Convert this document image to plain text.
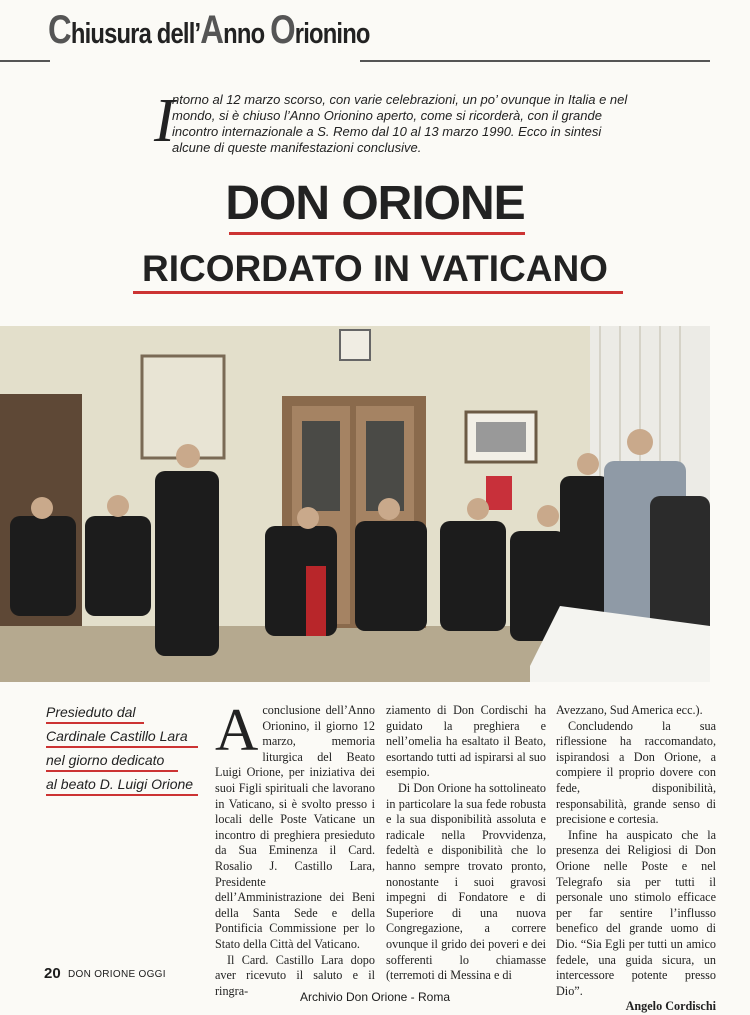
Chiusura dell’Anno Orionino
I
ntorno al 12 marzo scorso, con varie celebrazioni, un po’ ovunque in Italia e nel mondo, si è chiuso l’Anno Orionino aperto, come si ricorderà, con il grande incontro internazionale a S. Remo dal 10 al 13 marzo 1990. Ecco in sintesi alcune di queste manifestazioni conclusive.
DON ORIONE
RICORDATO IN VATICANO
Presieduto dal
Cardinale Castillo Lara
nel giorno dedicato
al beato D. Luigi Orione

Aconclusione dell’Anno Orionino, il giorno 12 marzo, memoria liturgica del Beato Luigi Orione, per iniziativa dei suoi Figli spirituali che lavorano in Vaticano, si è svolto presso i locali delle Poste Vaticane un incontro di preghiera presieduto da Sua Eminenza il Card. Rosalio J. Castillo Lara, Presidente dell’Amministrazione dei Beni della Santa Sede e della Pontificia Commissione per lo Stato della Città del Vaticano.

Il Card. Castillo Lara dopo aver ricevuto il saluto e il ringra-

ziamento di Don Cordischi ha guidato la preghiera e nell’omelia ha esaltato il Beato, esortando tutti ad ispirarsi al suo esempio.

Di Don Orione ha sottolineato in particolare la sua fede robusta e la sua disponibilità assoluta e radicale nella Provvidenza, fedeltà e disponibilità che lo hanno sempre trovato pronto, nonostante i suoi gravosi impegni di Fondatore e di Superiore di una nuova Congregazione, a correre ovunque il grido dei poveri e dei sofferenti lo chiamasse (terremoti di Messina e di

Avezzano, Sud America ecc.).

Concludendo la sua riflessione ha raccomandato, ispirandosi a Don Orione, a compiere il proprio dovere con fede, disponibilità, responsabilità, grande senso di precisione e cortesia.

Infine ha auspicato che la presenza dei Religiosi di Don Orione nelle Poste e nel Telegrafo sia per tutti il personale uno stimolo efficace per far sentire l’influsso benefico del grande uomo di Dio. “Sia Egli per tutti un amico fedele, una guida sicura, un intercessore potente presso Dio”.

Angelo Cordischi

20 DON ORIONE OGGI
Archivio Don Orione - Roma
